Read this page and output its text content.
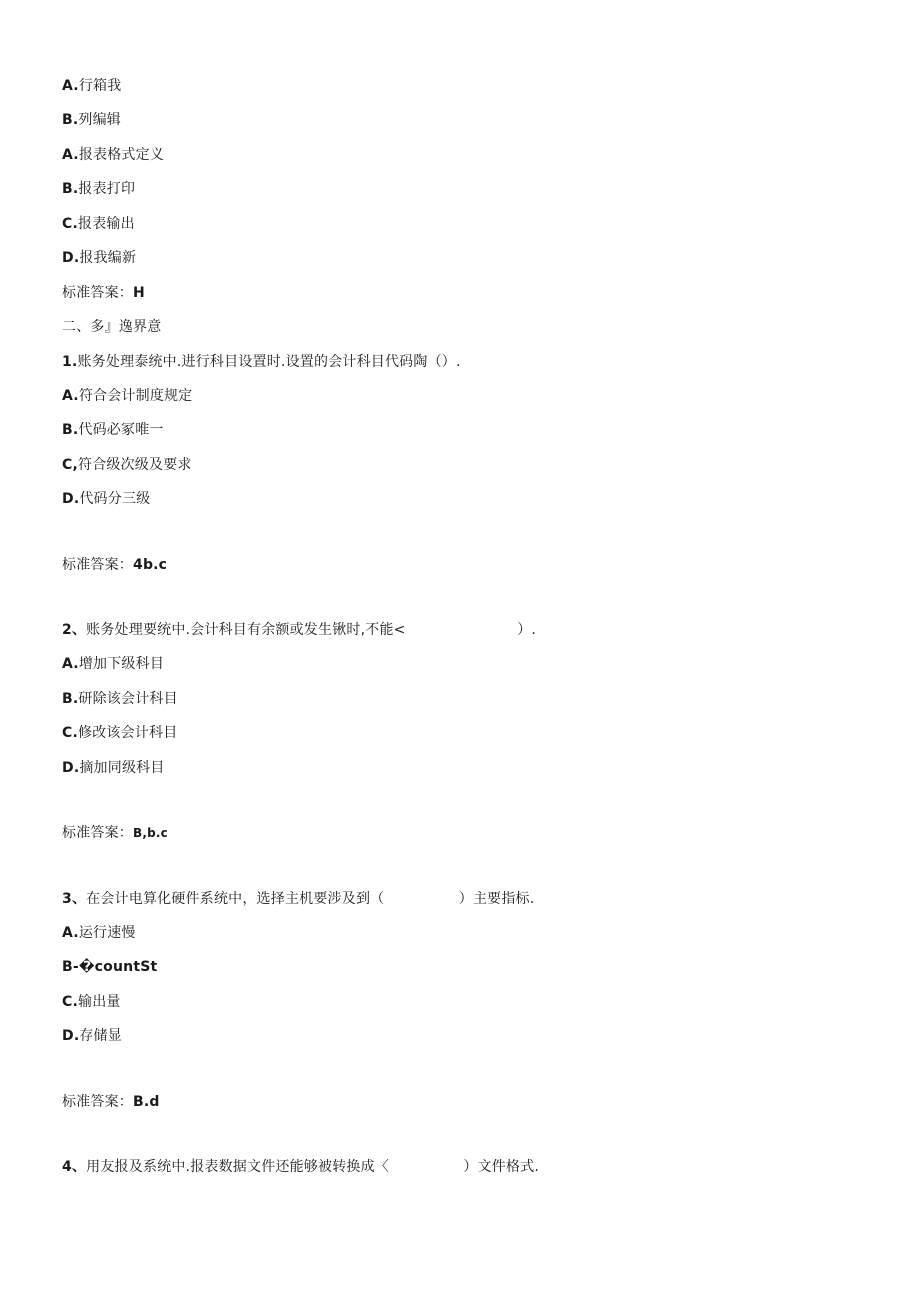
A.行箱我
B.列编辑
A.报表格式定义
B.报表打印
C.报表输出
D.报我编新
标准答案：H
二、多』逸界意
1.账务处理泰统中.进行科目设置时.设置的会计科目代码陶（）.
A.符合会计制度规定
B.代码必冢唯一
C,符合级次级及要求
D.代码分三级
标准答案：4b.c
2、账务处理要统中.会计科目有余额或发生锹时,不能<                        ）.
A.增加下级科目
B.研除该会计科目
C.修改该会计科目
D.摘加同级科目
标准答案：B,b.c
3、在会计电算化硬件系统中，选择主机要涉及到（                ）主要指标.
A.运行速慢
B-�countSt
C.输出量
D.存储显
标准答案：B.d
4、用友报及系统中.报表数据文件还能够被转换成〈                ）文件格式.
